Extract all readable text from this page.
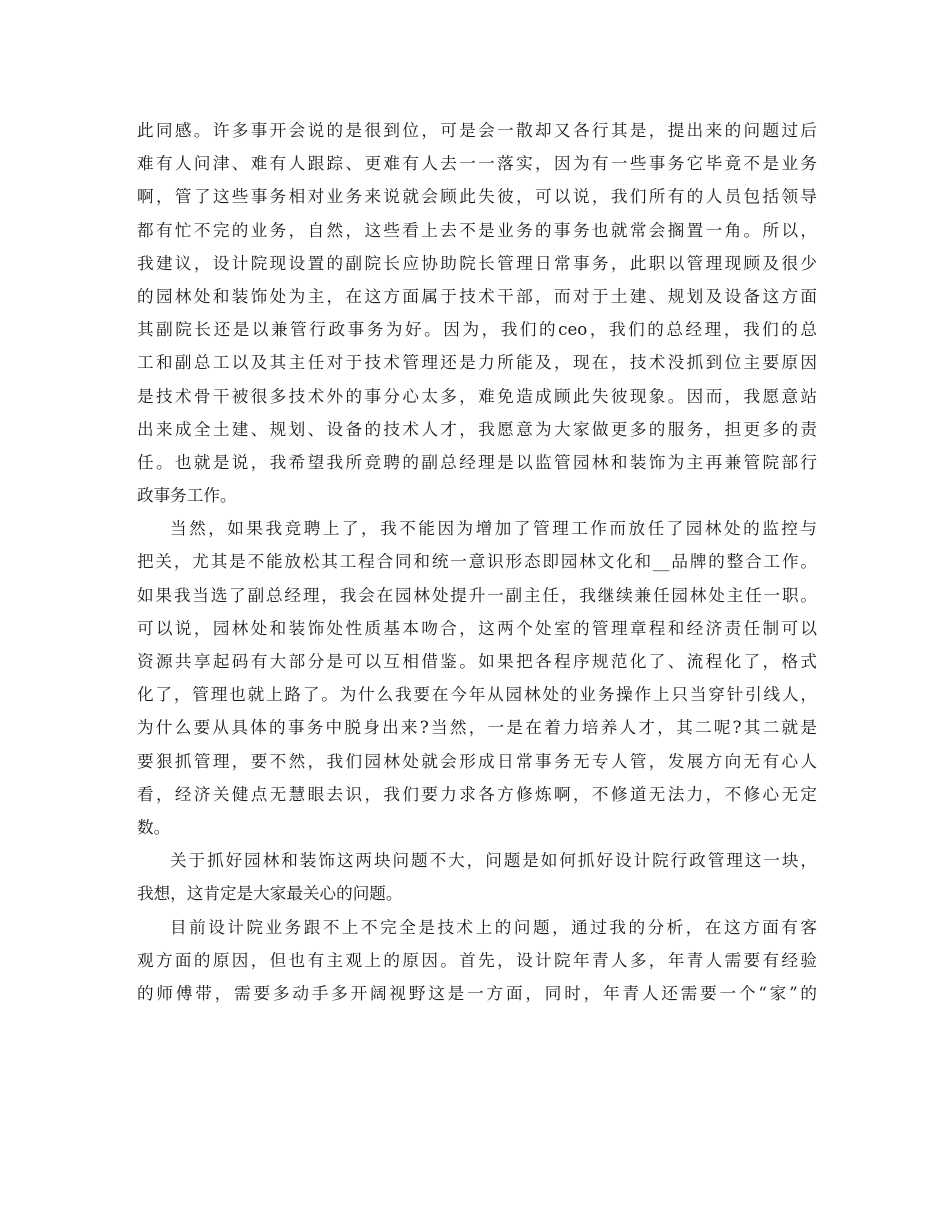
此同感。许多事开会说的是很到位，可是会一散却又各行其是，提出来的问题过后
难有人问津、难有人跟踪、更难有人去一一落实，因为有一些事务它毕竟不是业务
啊，管了这些事务相对业务来说就会顾此失彼，可以说，我们所有的人员包括领导
都有忙不完的业务，自然，这些看上去不是业务的事务也就常会搁置一角。所以，
我建议，设计院现设置的副院长应协助院长管理日常事务，此职以管理现顾及很少
的园林处和装饰处为主，在这方面属于技术干部，而对于土建、规划及设备这方面
其副院长还是以兼管行政事务为好。因为，我们的ceo，我们的总经理，我们的总
工和副总工以及其主任对于技术管理还是力所能及，现在，技术没抓到位主要原因
是技术骨干被很多技术外的事分心太多，难免造成顾此失彼现象。因而，我愿意站
出来成全土建、规划、设备的技术人才，我愿意为大家做更多的服务，担更多的责
任。也就是说，我希望我所竞聘的副总经理是以监管园林和装饰为主再兼管院部行
政事务工作。
当然，如果我竞聘上了，我不能因为增加了管理工作而放任了园林处的监控与
把关，尤其是不能放松其工程合同和统一意识形态即园林文化和__品牌的整合工作。
如果我当选了副总经理，我会在园林处提升一副主任，我继续兼任园林处主任一职。
可以说，园林处和装饰处性质基本吻合，这两个处室的管理章程和经济责任制可以
资源共享起码有大部分是可以互相借鉴。如果把各程序规范化了、流程化了，格式
化了，管理也就上路了。为什么我要在今年从园林处的业务操作上只当穿针引线人，
为什么要从具体的事务中脱身出来?当然，一是在着力培养人才，其二呢?其二就是
要狠抓管理，要不然，我们园林处就会形成日常事务无专人管，发展方向无有心人
看，经济关健点无慧眼去识，我们要力求各方修炼啊，不修道无法力，不修心无定
数。
关于抓好园林和装饰这两块问题不大，问题是如何抓好设计院行政管理这一块，
我想，这肯定是大家最关心的问题。
目前设计院业务跟不上不完全是技术上的问题，通过我的分析，在这方面有客
观方面的原因，但也有主观上的原因。首先，设计院年青人多，年青人需要有经验
的师傅带，需要多动手多开阔视野这是一方面，同时，年青人还需要一个“家”的
